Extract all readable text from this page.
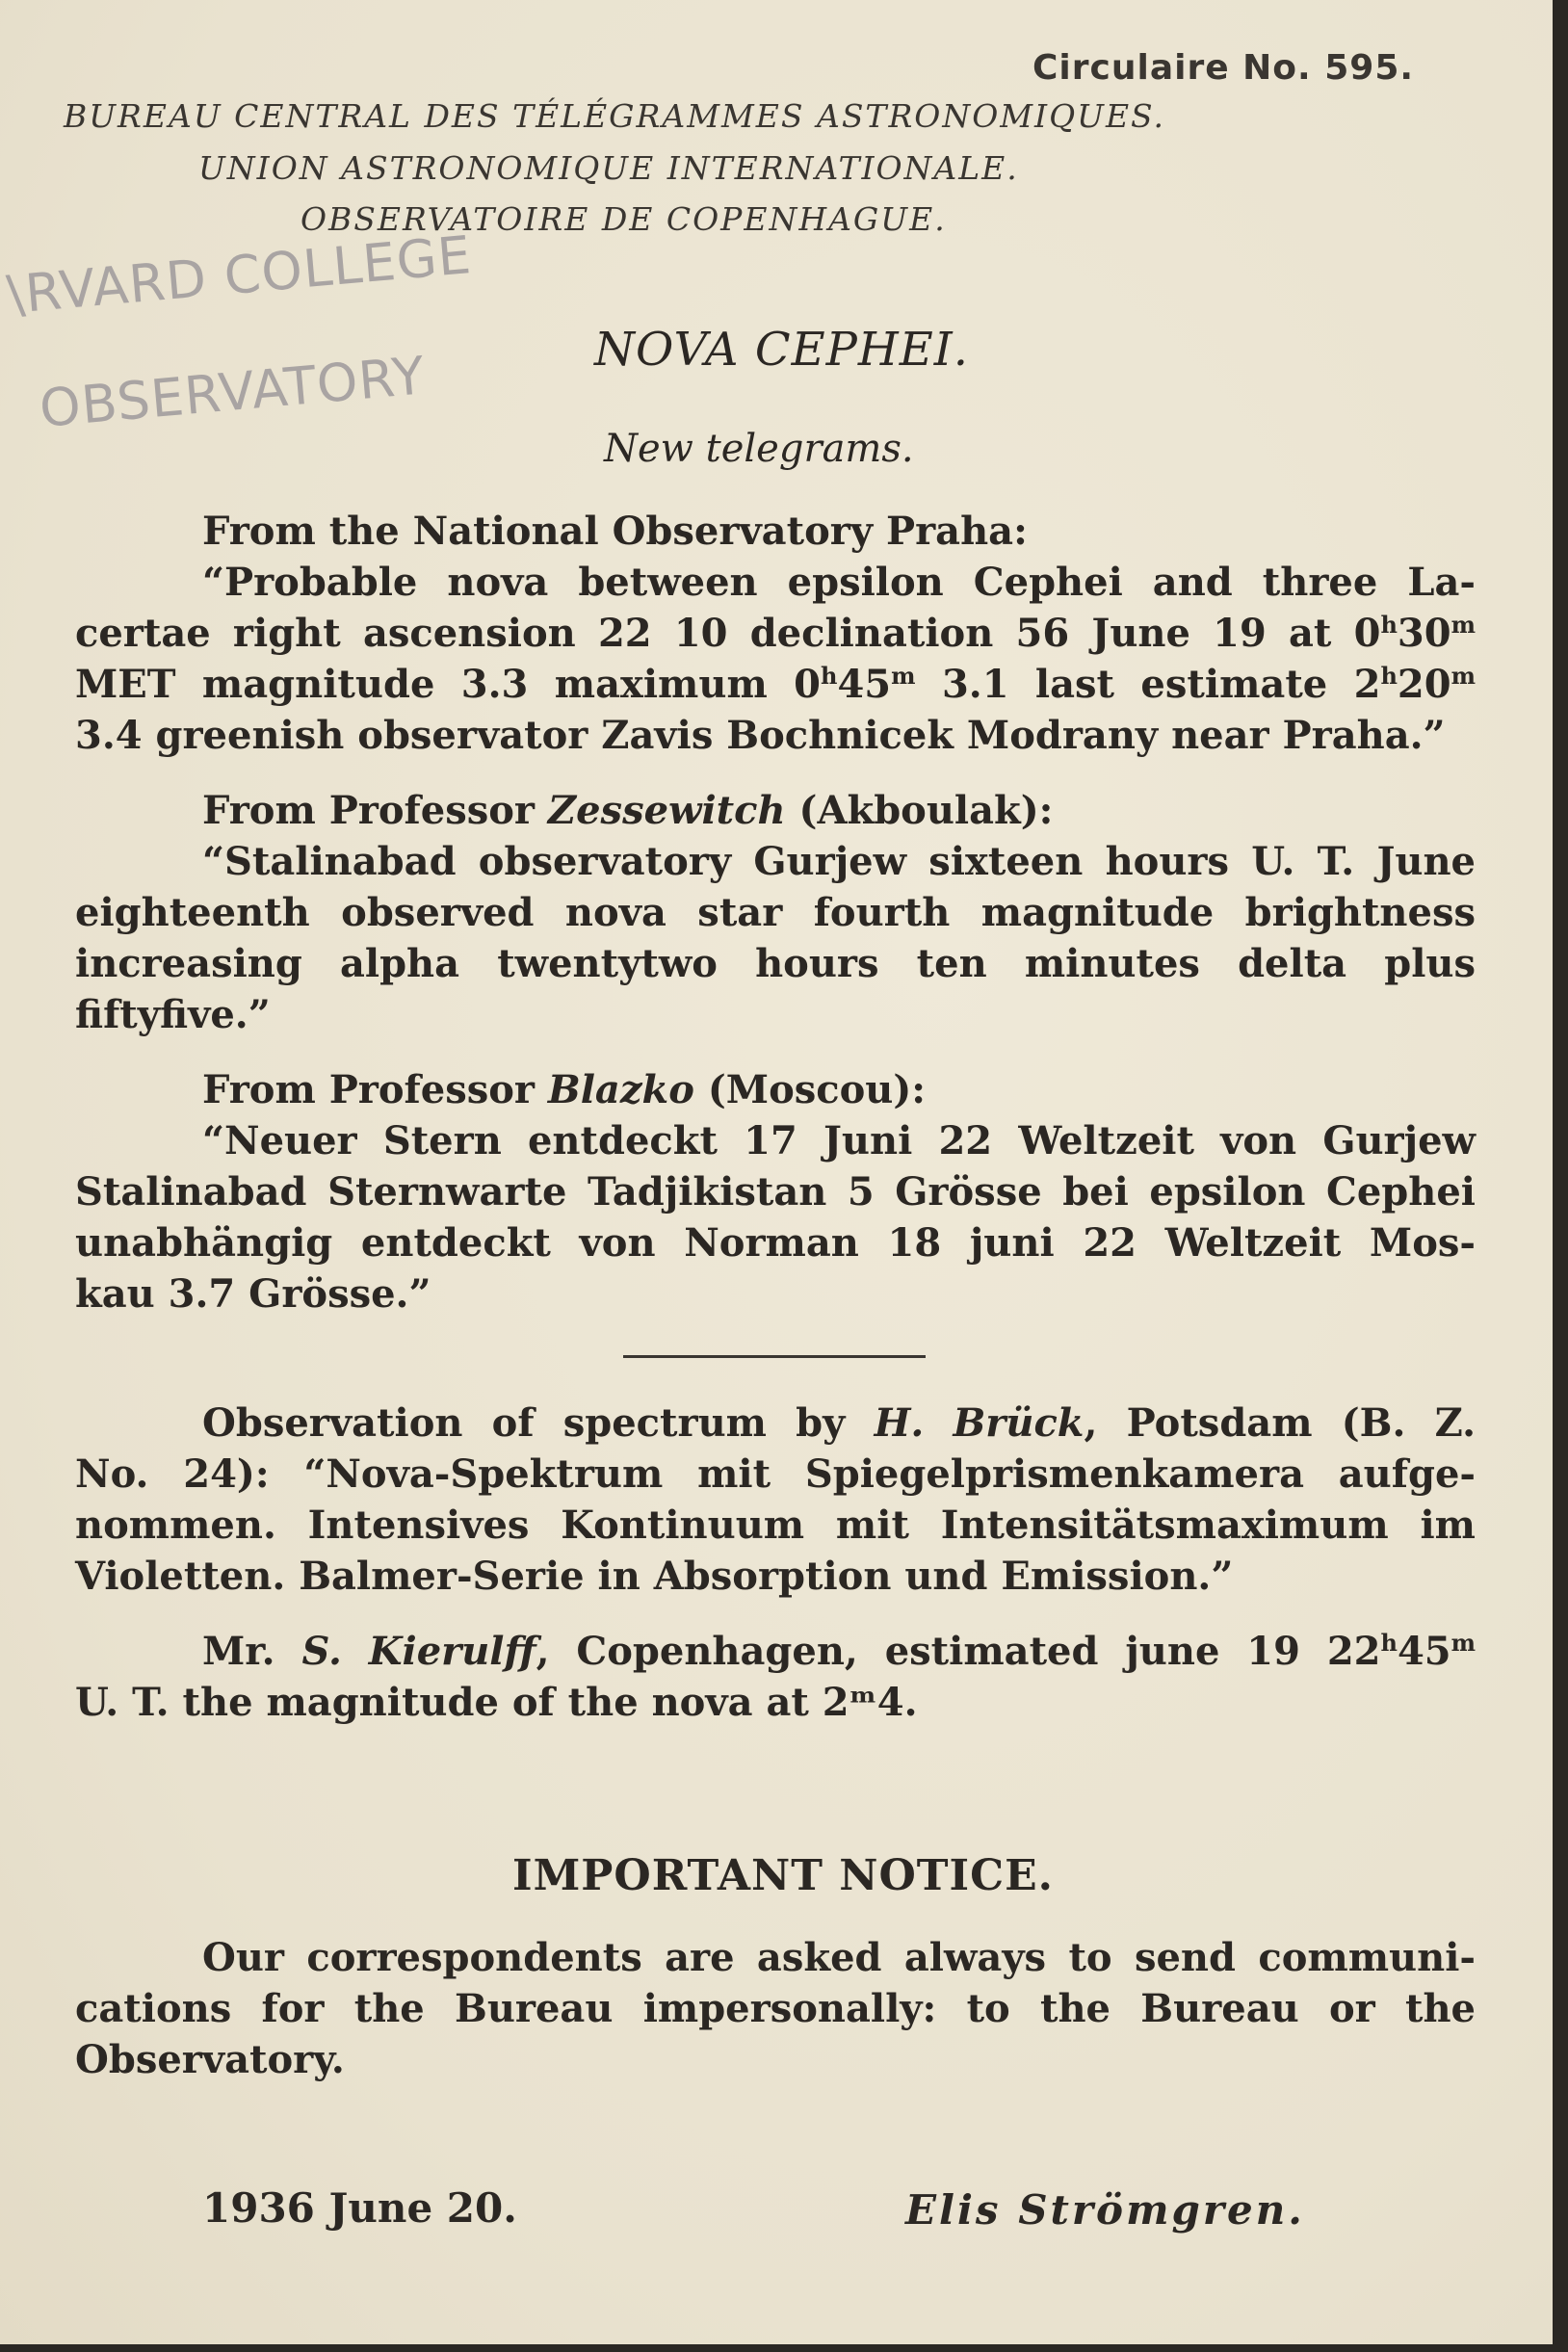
Circulaire No. 595.
BUREAU CENTRAL DES TÉLÉGRAMMES ASTRONOMIQUES.
UNION ASTRONOMIQUE INTERNATIONALE.
OBSERVATOIRE DE COPENHAGUE.
\RVARD COLLEGE
OBSERVATORY	NOVA CEPHEI.
New telegrams.
From the National Observatory Praha:
“Probable nova between epsilon Cephei and three La-
certae right ascension 22 10 declination 56 June 19 at 0$^h$30$^m$
MET magnitude 3.3 maximum 0$^h$45$^m$ 3.1 last estimate 2$^h$20$^m$
3.4 greenish observator Zavis Bochnicek Modrany near Praha.”
From Professor Zessewitch (Akboulak):
“Stalinabad observatory Gurjew sixteen hours U. T. June
eighteenth observed nova star fourth magnitude brightness
increasing alpha twentytwo hours ten minutes delta plus
fiftyfive.”
From Professor Blazko (Moscou):
“Neuer Stern entdeckt 17 Juni 22 Weltzeit von Gurjew
Stalinabad Sternwarte Tadjikistan 5 Grösse bei epsilon Cephei
unabhängig entdeckt von Norman 18 juni 22 Weltzeit Mos-
kau 3.7 Grösse.”
Observation of spectrum by H. Brück, Potsdam (B. Z.
No. 24): “Nova-Spektrum mit Spiegelprismenkamera aufge-
nommen. Intensives Kontinuum mit Intensitätsmaximum im
Violetten. Balmer-Serie in Absorption und Emission.”
Mr. S. Kierulff, Copenhagen, estimated june 19 22$^h$45$^m$
U. T. the magnitude of the nova at 2ᵐ4.
IMPORTANT NOTICE.
Our correspondents are asked always to send communi-
cations for the Bureau impersonally: to the Bureau or the
Observatory.
1936 June 20.	Elis Strömgren.
